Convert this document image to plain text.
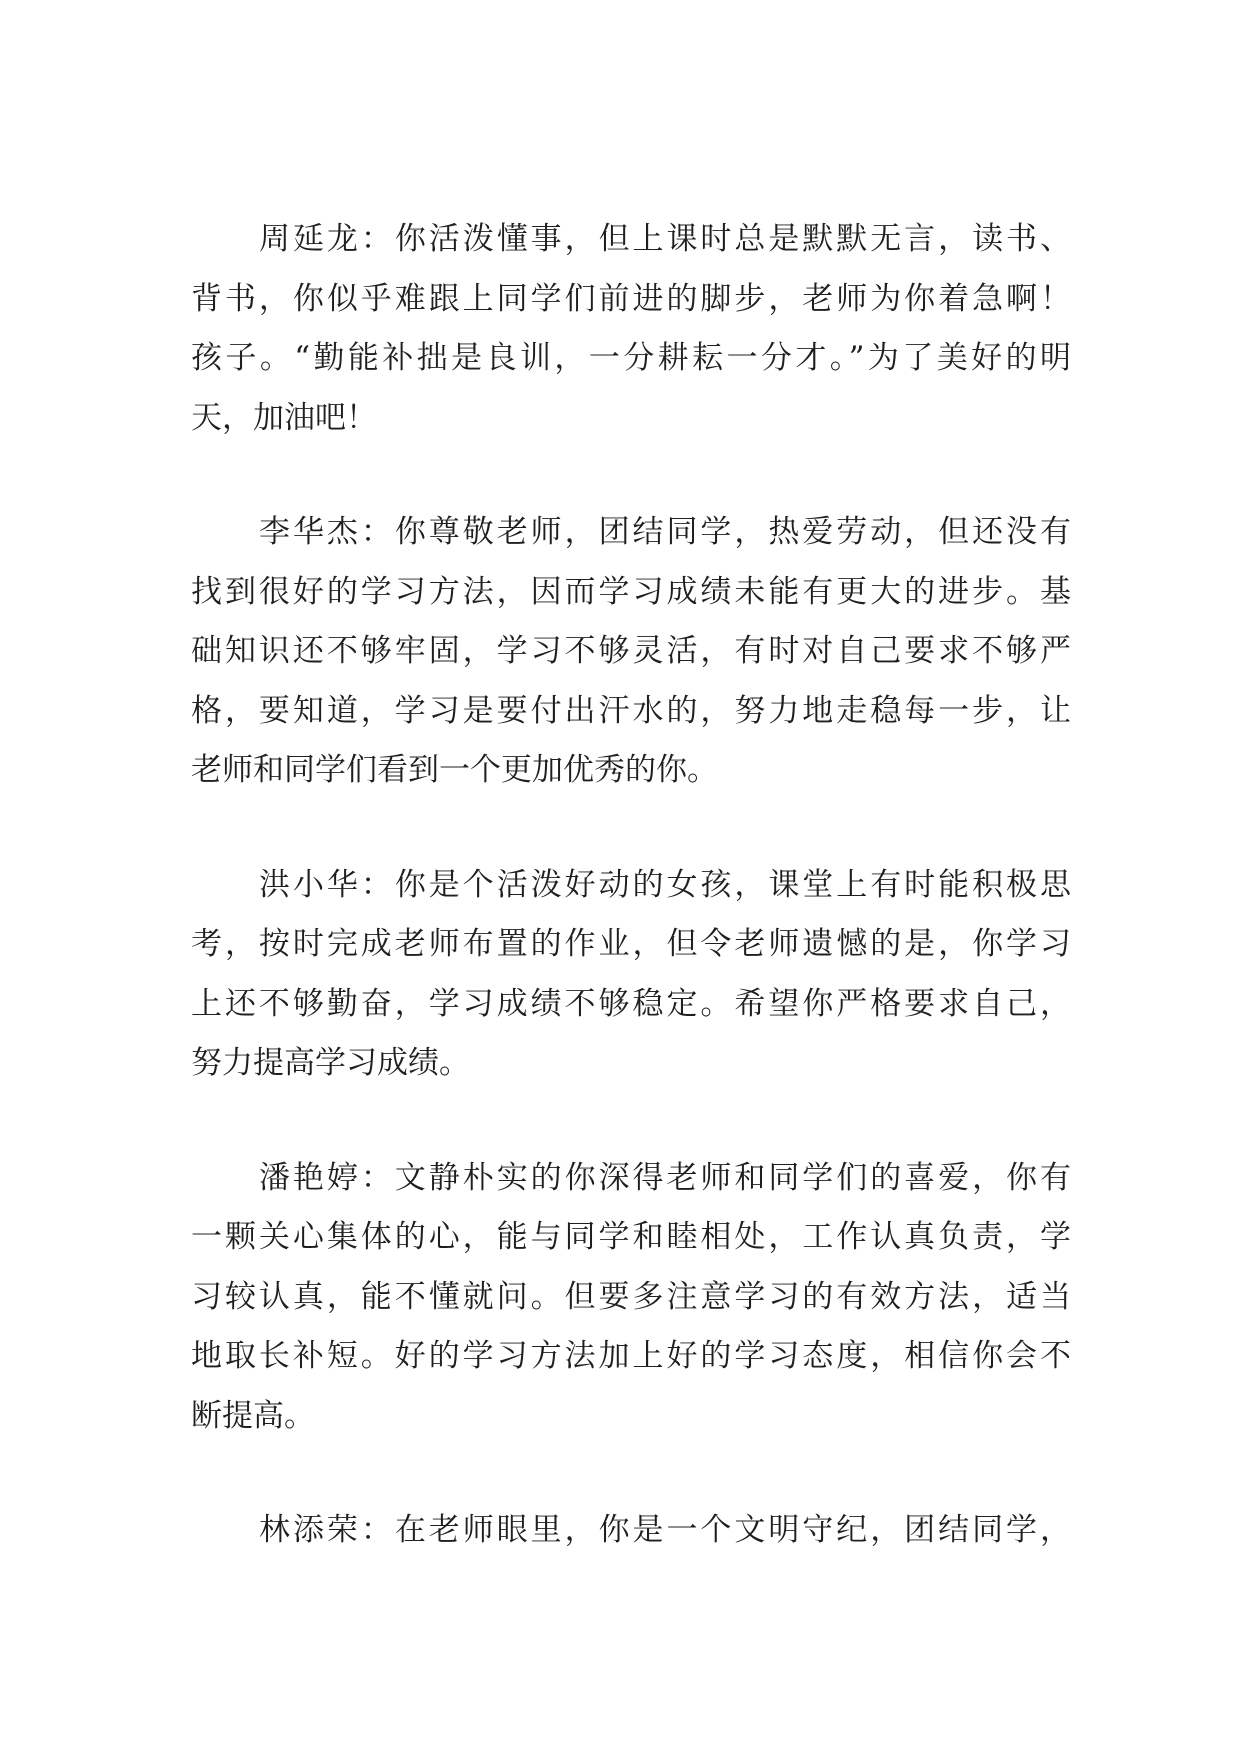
周延龙：你活泼懂事，但上课时总是默默无言，读书、
背书，你似乎难跟上同学们前进的脚步，老师为你着急啊！
孩子。“勤能补拙是良训，一分耕耘一分才。”为了美好的明
天，加油吧！
李华杰：你尊敬老师，团结同学，热爱劳动，但还没有
找到很好的学习方法，因而学习成绩未能有更大的进步。基
础知识还不够牢固，学习不够灵活，有时对自己要求不够严
格，要知道，学习是要付出汗水的，努力地走稳每一步，让
老师和同学们看到一个更加优秀的你。
洪小华：你是个活泼好动的女孩，课堂上有时能积极思
考，按时完成老师布置的作业，但令老师遗憾的是，你学习
上还不够勤奋，学习成绩不够稳定。希望你严格要求自己，
努力提高学习成绩。
潘艳婷：文静朴实的你深得老师和同学们的喜爱，你有
一颗关心集体的心，能与同学和睦相处，工作认真负责，学
习较认真，能不懂就问。但要多注意学习的有效方法，适当
地取长补短。好的学习方法加上好的学习态度，相信你会不
断提高。
林添荣：在老师眼里，你是一个文明守纪，团结同学，
